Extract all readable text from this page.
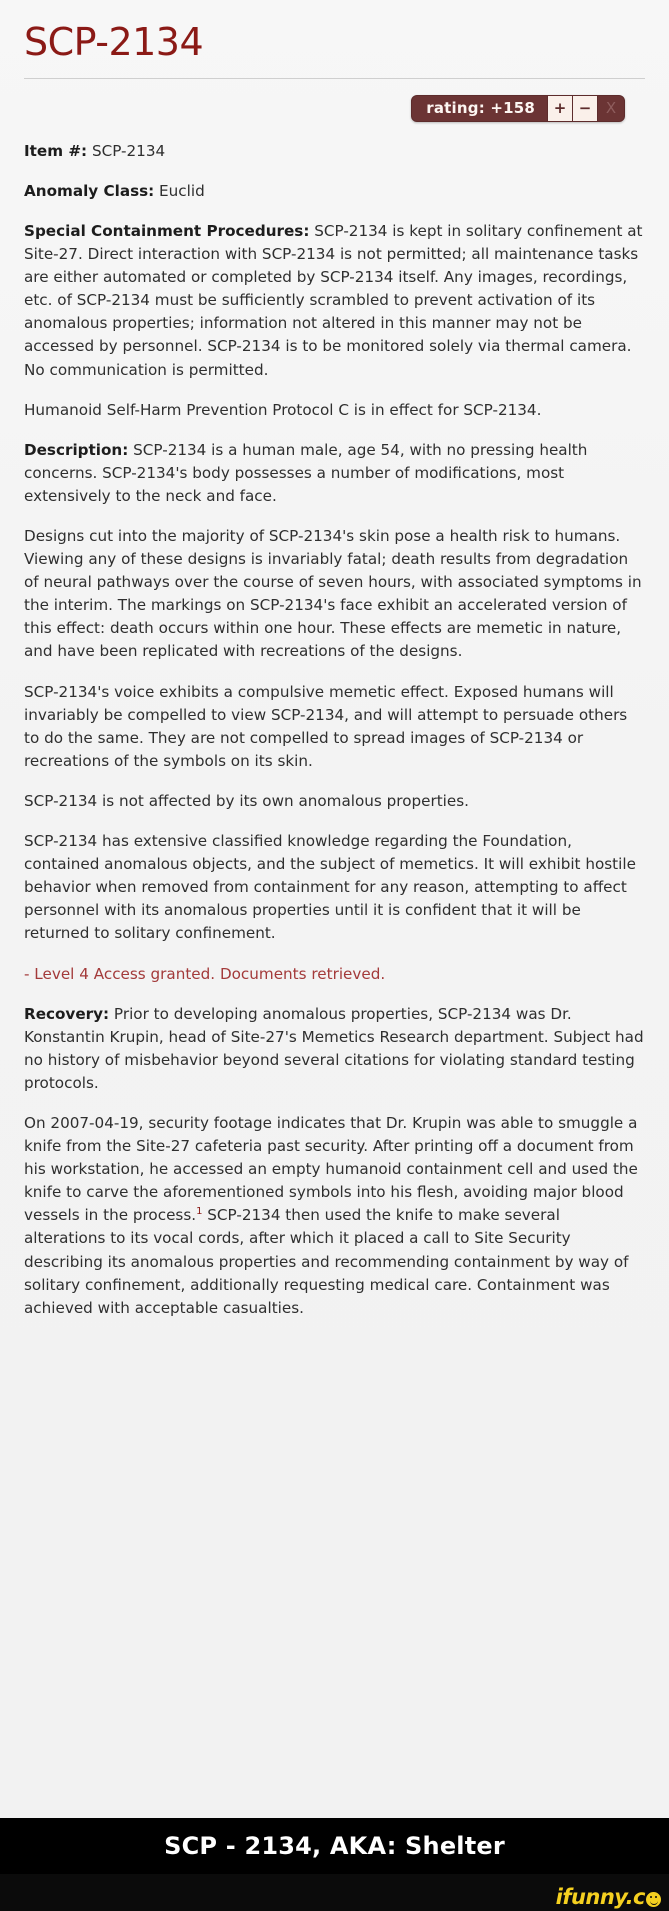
SCP-2134
rating: +158	+ − X

Item #: SCP-2134

Anomaly Class: Euclid

Special Containment Procedures: SCP-2134 is kept in solitary confinement at Site-27. Direct interaction with SCP-2134 is not permitted; all maintenance tasks are either automated or completed by SCP-2134 itself. Any images, recordings, etc. of SCP-2134 must be sufficiently scrambled to prevent activation of its anomalous properties; information not altered in this manner may not be accessed by personnel. SCP-2134 is to be monitored solely via thermal camera. No communication is permitted.

Humanoid Self-Harm Prevention Protocol C is in effect for SCP-2134.

Description: SCP-2134 is a human male, age 54, with no pressing health concerns. SCP-2134's body possesses a number of modifications, most extensively to the neck and face.

Designs cut into the majority of SCP-2134's skin pose a health risk to humans. Viewing any of these designs is invariably fatal; death results from degradation of neural pathways over the course of seven hours, with associated symptoms in the interim. The markings on SCP-2134's face exhibit an accelerated version of this effect: death occurs within one hour. These effects are memetic in nature, and have been replicated with recreations of the designs.

SCP-2134's voice exhibits a compulsive memetic effect. Exposed humans will invariably be compelled to view SCP-2134, and will attempt to persuade others to do the same. They are not compelled to spread images of SCP-2134 or recreations of the symbols on its skin.

SCP-2134 is not affected by its own anomalous properties.

SCP-2134 has extensive classified knowledge regarding the Foundation, contained anomalous objects, and the subject of memetics. It will exhibit hostile behavior when removed from containment for any reason, attempting to affect personnel with its anomalous properties until it is confident that it will be returned to solitary confinement.

- Level 4 Access granted. Documents retrieved.

Recovery: Prior to developing anomalous properties, SCP-2134 was Dr. Konstantin Krupin, head of Site-27's Memetics Research department. Subject had no history of misbehavior beyond several citations for violating standard testing protocols.

On 2007-04-19, security footage indicates that Dr. Krupin was able to smuggle a knife from the Site-27 cafeteria past security. After printing off a document from his workstation, he accessed an empty humanoid containment cell and used the knife to carve the aforementioned symbols into his flesh, avoiding major blood vessels in the process.$^1$ SCP-2134 then used the knife to make several alterations to its vocal cords, after which it placed a call to Site Security describing its anomalous properties and recommending containment by way of solitary confinement, additionally requesting medical care. Containment was achieved with acceptable casualties.

SCP - 2134, AKA: Shelter
ifunny.c
